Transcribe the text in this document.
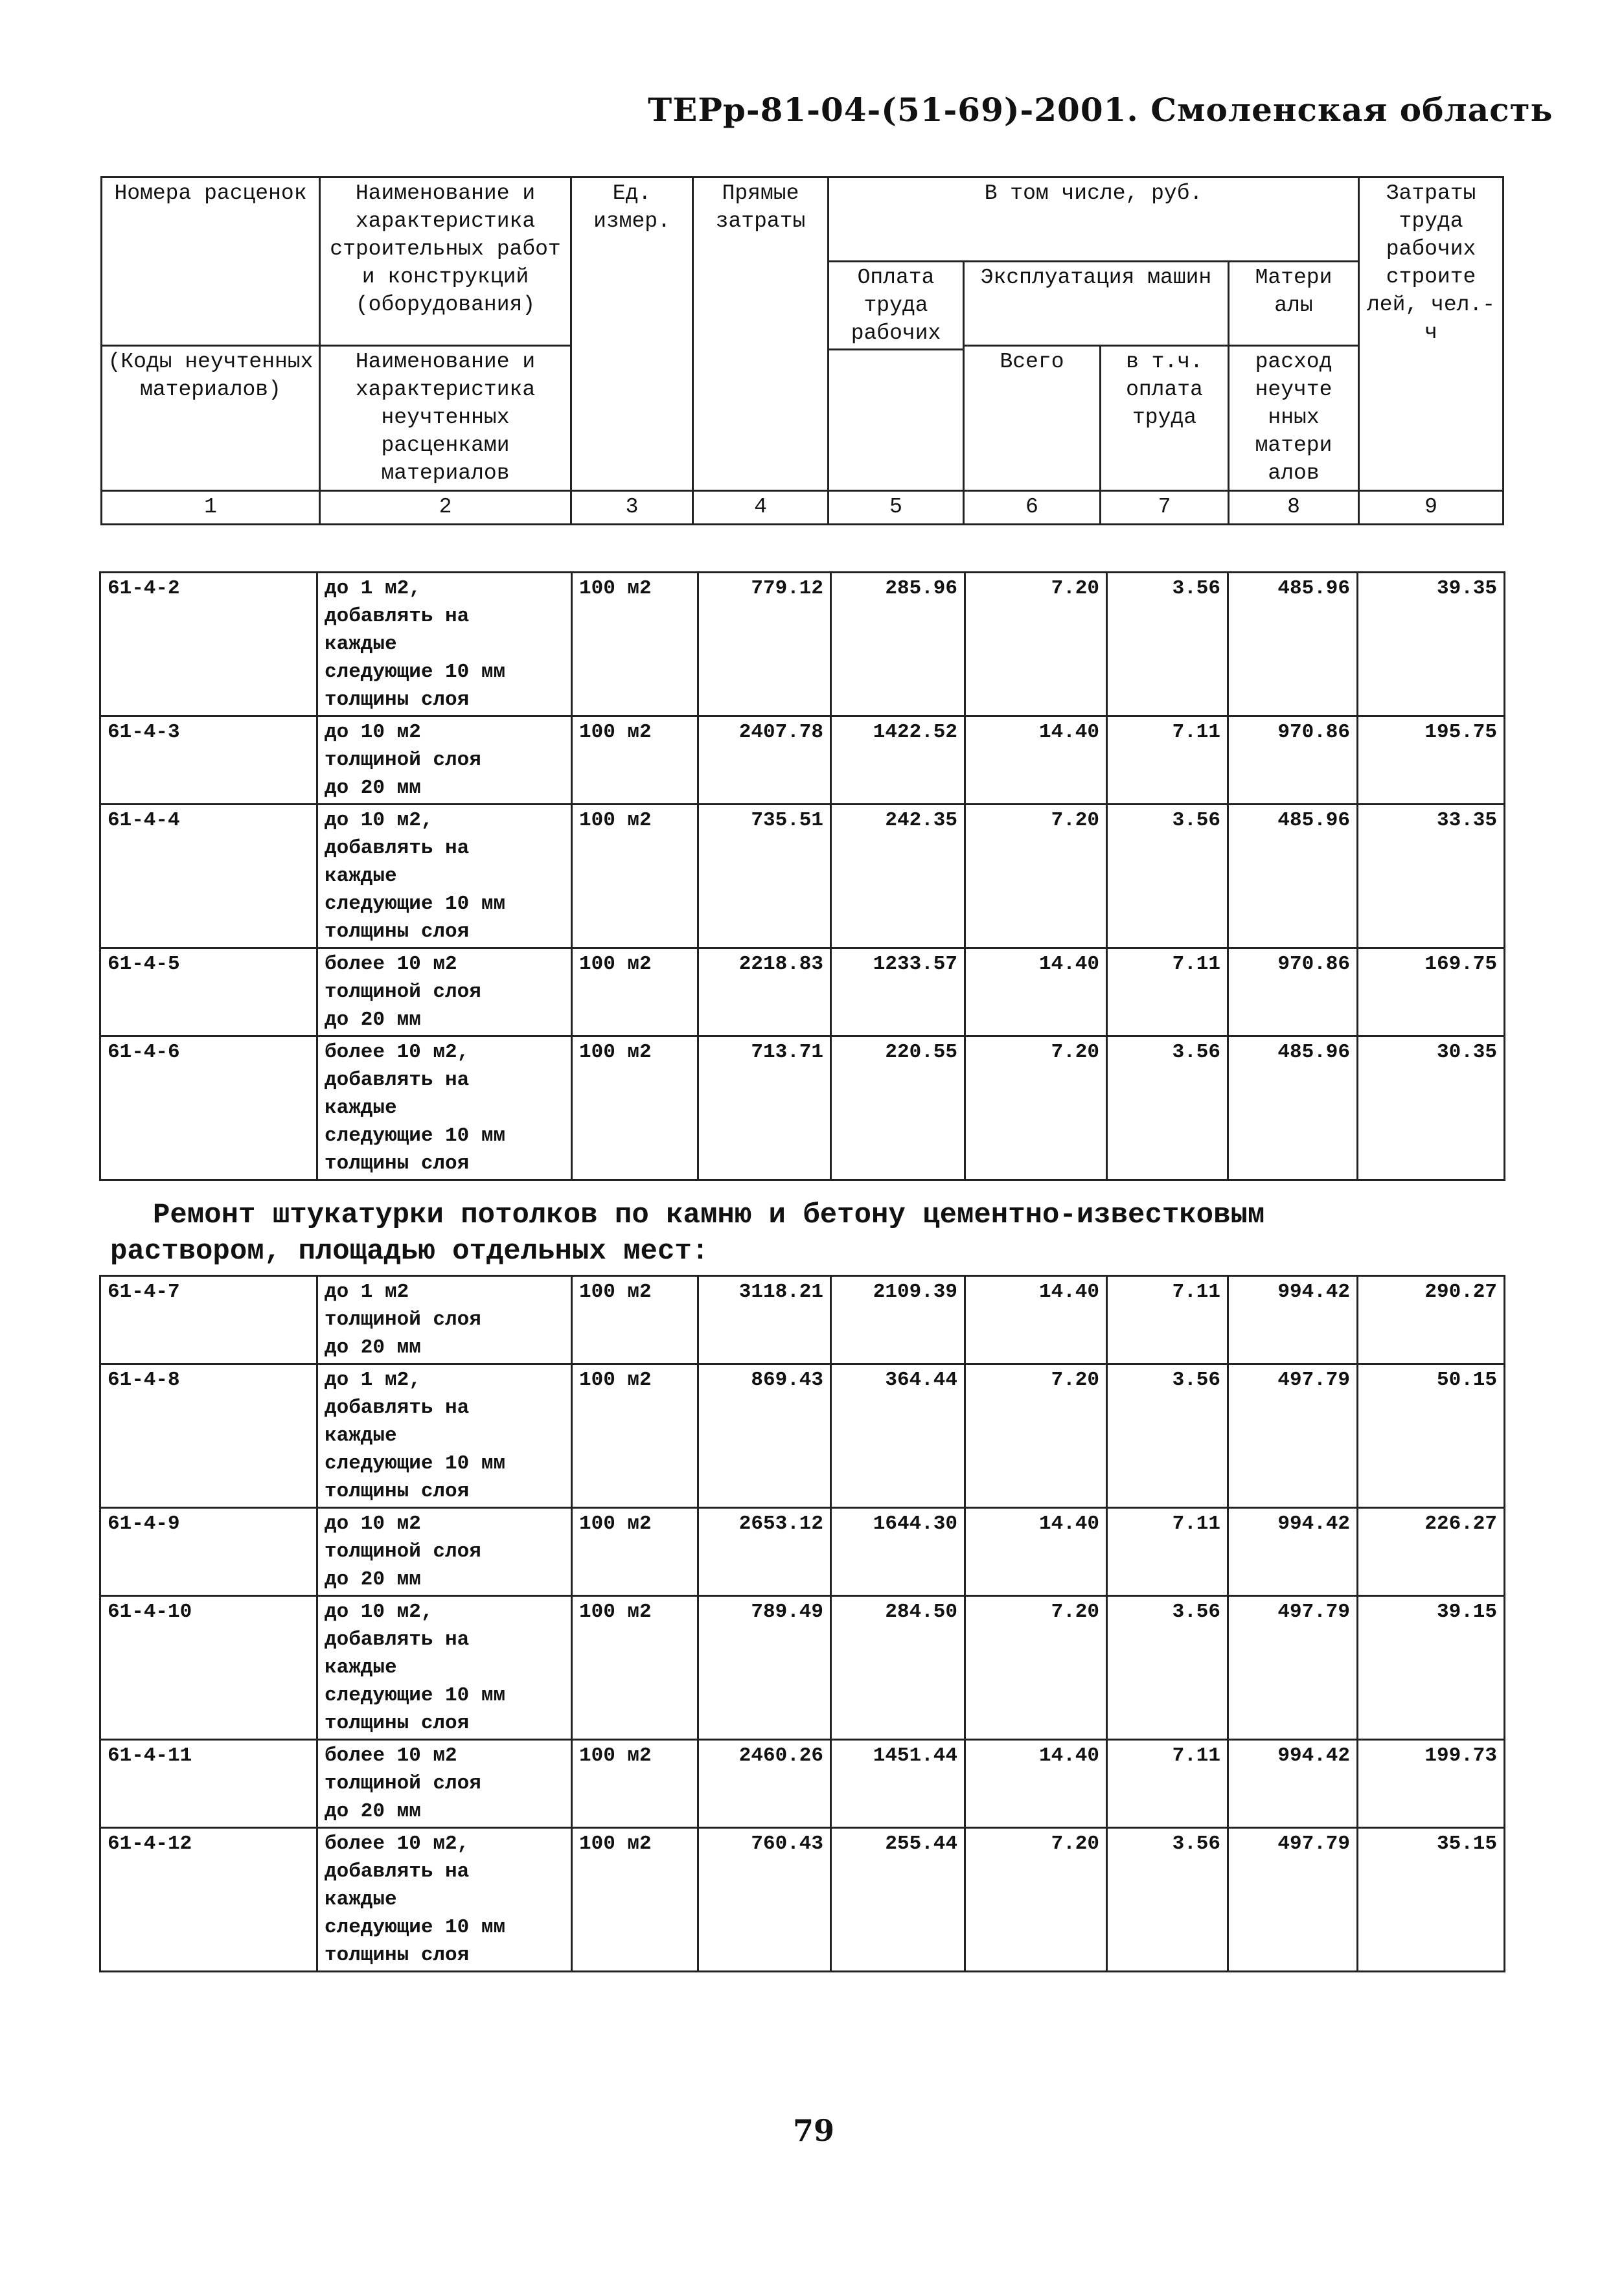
ТЕРр-81-04-(51-69)-2001. Смоленская область
Номера расценок	Наименование и характеристика строительных работ и конструкций (оборудования)	Ед. измер.	Прямые затраты	В том числе, руб.				Затраты труда рабочих строите лей, чел.-ч
				Оплата труда рабочих	Эксплуатация машин		Матери алы	
(Коды неучтенных материалов)	Наименование и характеристика неучтенных расценками материалов				Всего	в т.ч. оплата труда	расход неучте нных матери алов	

1	2	3	4	5	6	7	8	9
61-4-2	до 1 м2,
добавлять на
каждые
следующие 10 мм
толщины слоя	100 м2	779.12	285.96	7.20	3.56	485.96	39.35
61-4-3	до 10 м2
толщиной слоя
до 20 мм	100 м2	2407.78	1422.52	14.40	7.11	970.86	195.75
61-4-4	до 10 м2,
добавлять на
каждые
следующие 10 мм
толщины слоя	100 м2	735.51	242.35	7.20	3.56	485.96	33.35
61-4-5	более 10 м2
толщиной слоя
до 20 мм	100 м2	2218.83	1233.57	14.40	7.11	970.86	169.75
61-4-6	более 10 м2,
добавлять на
каждые
следующие 10 мм
толщины слоя	100 м2	713.71	220.55	7.20	3.56	485.96	30.35
Ремонт штукатурки потолков по камню и бетону цементно-известковым
раствором, площадью отдельных мест:
61-4-7	до 1 м2
толщиной слоя
до 20 мм	100 м2	3118.21	2109.39	14.40	7.11	994.42	290.27
61-4-8	до 1 м2,
добавлять на
каждые
следующие 10 мм
толщины слоя	100 м2	869.43	364.44	7.20	3.56	497.79	50.15
61-4-9	до 10 м2
толщиной слоя
до 20 мм	100 м2	2653.12	1644.30	14.40	7.11	994.42	226.27
61-4-10	до 10 м2,
добавлять на
каждые
следующие 10 мм
толщины слоя	100 м2	789.49	284.50	7.20	3.56	497.79	39.15
61-4-11	более 10 м2
толщиной слоя
до 20 мм	100 м2	2460.26	1451.44	14.40	7.11	994.42	199.73
61-4-12	более 10 м2,
добавлять на
каждые
следующие 10 мм
толщины слоя	100 м2	760.43	255.44	7.20	3.56	497.79	35.15
79
